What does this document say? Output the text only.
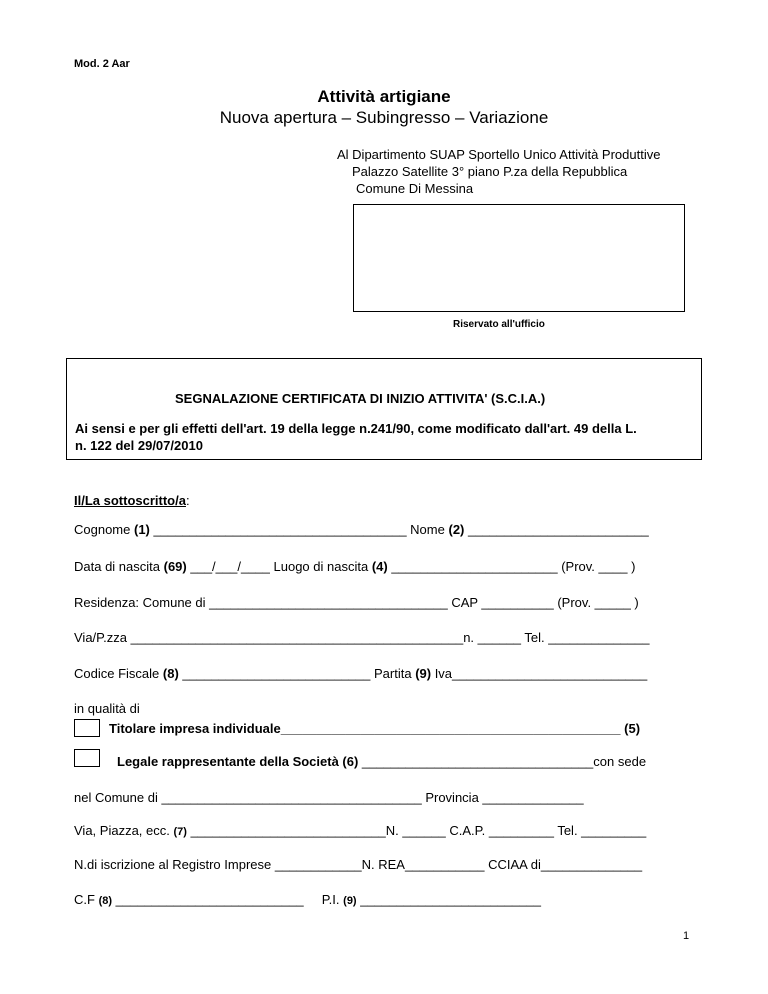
Mod. 2 Aar
Attività artigiane
Nuova apertura – Subingresso – Variazione
Al Dipartimento SUAP Sportello Unico Attività Produttive
Palazzo Satellite 3° piano P.za della Repubblica
Comune Di Messina
Riservato all'ufficio
SEGNALAZIONE CERTIFICATA DI INIZIO ATTIVITA' (S.C.I.A.)
Ai sensi e per gli effetti dell'art. 19 della legge n.241/90, come modificato dall'art. 49 della L.
n. 122 del 29/07/2010
Il/La sottoscritto/a:
Cognome (1) ___________________________________ Nome (2) _________________________
Data di nascita (69) ___/___/____ Luogo di nascita (4) _______________________ (Prov. ____ )
Residenza: Comune di _________________________________ CAP __________ (Prov. _____ )
Via/P.zza ______________________________________________n. ______ Tel. ______________
Codice Fiscale (8) __________________________ Partita (9) Iva___________________________
in qualità di
Titolare impresa individuale_______________________________________________ (5)
Legale rappresentante della Società (6) ________________________________con sede
nel Comune di ____________________________________ Provincia ______________
Via, Piazza, ecc. (7) ___________________________N. ______ C.A.P. _________ Tel. _________
N.di iscrizione al Registro Imprese ____________N. REA___________ CCIAA di______________
C.F (8) __________________________ P.I. (9) _________________________
1
